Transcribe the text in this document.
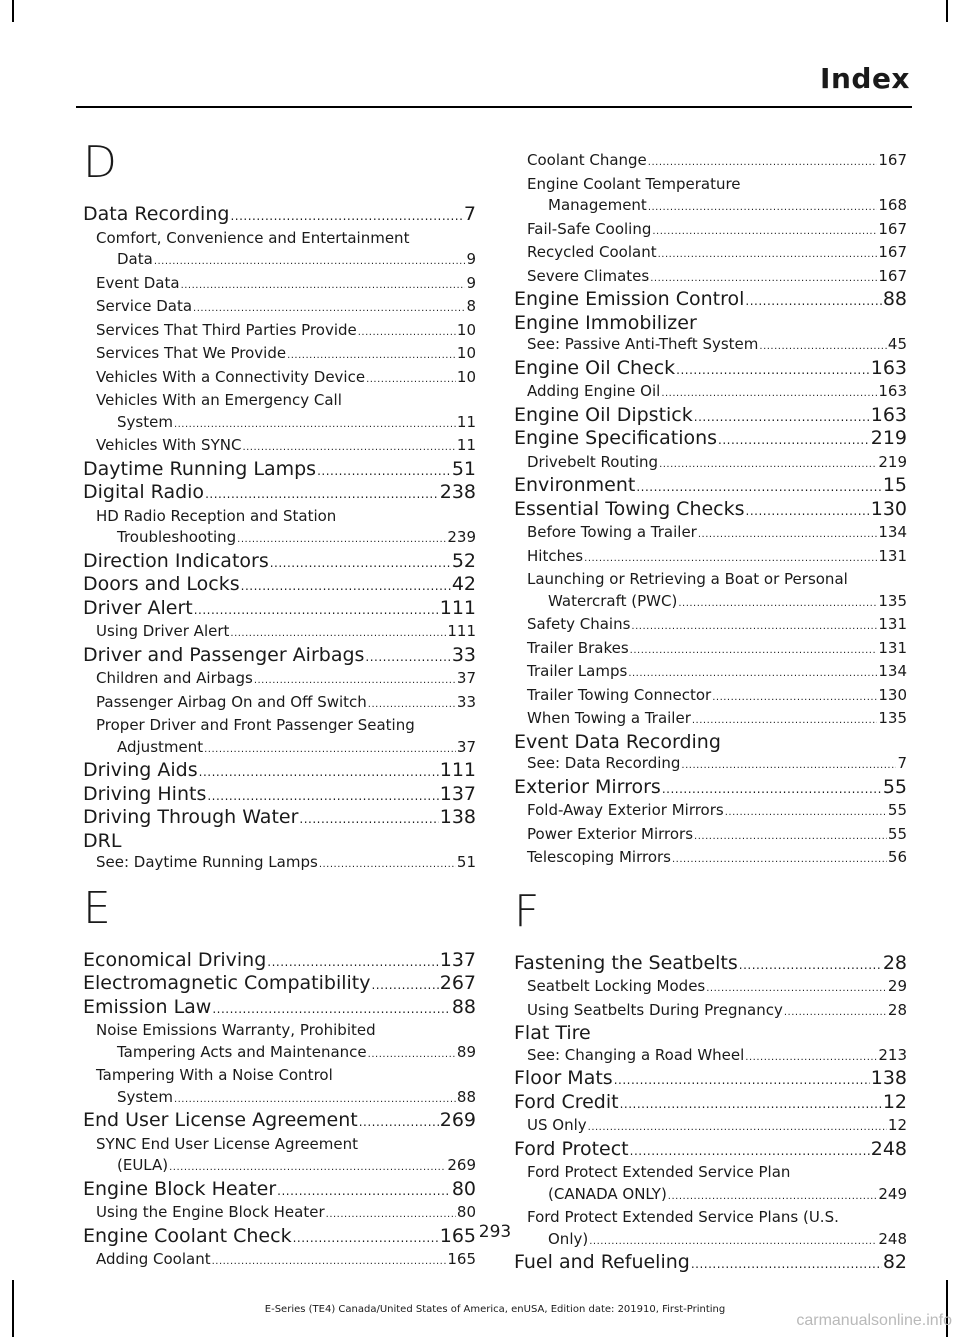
Index
D
Data Recording .....	7
Comfort, Convenience and Entertainment
Data .....	9
Event Data .....	9
Service Data .....	8
Services That Third Parties Provide .....	10
Services That We Provide .....	10
Vehicles With a Connectivity Device .....	10
Vehicles With an Emergency Call
System .....	11
Vehicles With SYNC .....	11
Daytime Running Lamps .....	51
Digital Radio .....	238
HD Radio Reception and Station
Troubleshooting .....	239
Direction Indicators .....	52
Doors and Locks .....	42
Driver Alert .....	111
Using Driver Alert .....	111
Driver and Passenger Airbags .....	33
Children and Airbags .....	37
Passenger Airbag On and Off Switch .....	33
Proper Driver and Front Passenger Seating
Adjustment .....	37
Driving Aids .....	111
Driving Hints .....	137
Driving Through Water .....	138
DRL
See: Daytime Running Lamps .....	51
E
Economical Driving .....	137
Electromagnetic Compatibility .....	267
Emission Law .....	88
Noise Emissions Warranty, Prohibited
Tampering Acts and Maintenance .....	89
Tampering With a Noise Control
System .....	88
End User License Agreement .....	269
SYNC End User License Agreement
(EULA) .....	269
Engine Block Heater .....	80
Using the Engine Block Heater .....	80
Engine Coolant Check .....	165
Adding Coolant .....	165
Coolant Change .....	167
Engine Coolant Temperature
Management .....	168
Fail-Safe Cooling .....	167
Recycled Coolant .....	167
Severe Climates .....	167
Engine Emission Control .....	88
Engine Immobilizer
See: Passive Anti-Theft System .....	45
Engine Oil Check .....	163
Adding Engine Oil .....	163
Engine Oil Dipstick .....	163
Engine Specifications .....	219
Drivebelt Routing .....	219
Environment .....	15
Essential Towing Checks .....	130
Before Towing a Trailer .....	134
Hitches .....	131
Launching or Retrieving a Boat or Personal
Watercraft (PWC) .....	135
Safety Chains .....	131
Trailer Brakes .....	131
Trailer Lamps .....	134
Trailer Towing Connector .....	130
When Towing a Trailer .....	135
Event Data Recording
See: Data Recording .....	7
Exterior Mirrors .....	55
Fold-Away Exterior Mirrors .....	55
Power Exterior Mirrors .....	55
Telescoping Mirrors .....	56
F
Fastening the Seatbelts .....	28
Seatbelt Locking Modes .....	29
Using Seatbelts During Pregnancy .....	28
Flat Tire
See: Changing a Road Wheel .....	213
Floor Mats .....	138
Ford Credit .....	12
US Only .....	12
Ford Protect .....	248
Ford Protect Extended Service Plan
(CANADA ONLY) .....	249
Ford Protect Extended Service Plans (U.S.
Only) .....	248
Fuel and Refueling .....	82
293
E-Series (TE4) Canada/United States of America, enUSA, Edition date: 201910, First-Printing
carmanualsonline.info
